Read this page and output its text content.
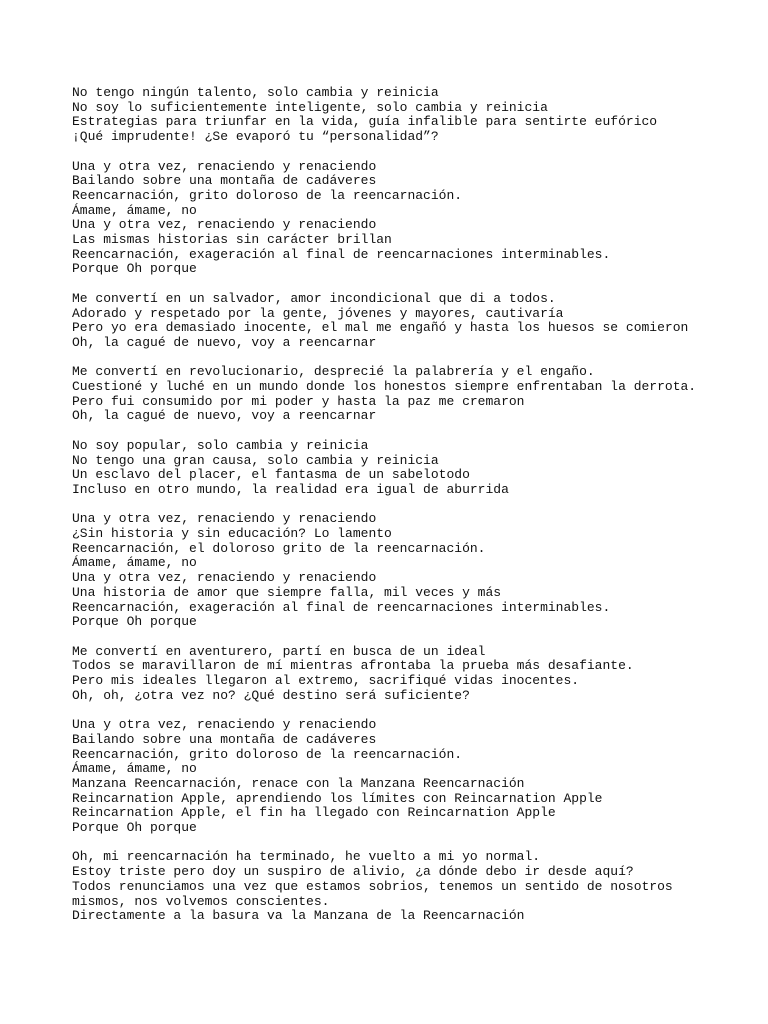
No tengo ningún talento, solo cambia y reinicia
No soy lo suficientemente inteligente, solo cambia y reinicia
Estrategias para triunfar en la vida, guía infalible para sentirte eufórico
¡Qué imprudente! ¿Se evaporó tu “personalidad”?
Una y otra vez, renaciendo y renaciendo
Bailando sobre una montaña de cadáveres
Reencarnación, grito doloroso de la reencarnación.
Ámame, ámame, no
Una y otra vez, renaciendo y renaciendo
Las mismas historias sin carácter brillan
Reencarnación, exageración al final de reencarnaciones interminables.
Porque Oh porque
Me convertí en un salvador, amor incondicional que di a todos.
Adorado y respetado por la gente, jóvenes y mayores, cautivaría
Pero yo era demasiado inocente, el mal me engañó y hasta los huesos se comieron
Oh, la cagué de nuevo, voy a reencarnar
Me convertí en revolucionario, desprecié la palabrería y el engaño.
Cuestioné y luché en un mundo donde los honestos siempre enfrentaban la derrota.
Pero fui consumido por mi poder y hasta la paz me cremaron
Oh, la cagué de nuevo, voy a reencarnar
No soy popular, solo cambia y reinicia
No tengo una gran causa, solo cambia y reinicia
Un esclavo del placer, el fantasma de un sabelotodo
Incluso en otro mundo, la realidad era igual de aburrida
Una y otra vez, renaciendo y renaciendo
¿Sin historia y sin educación? Lo lamento
Reencarnación, el doloroso grito de la reencarnación.
Ámame, ámame, no
Una y otra vez, renaciendo y renaciendo
Una historia de amor que siempre falla, mil veces y más
Reencarnación, exageración al final de reencarnaciones interminables.
Porque Oh porque
Me convertí en aventurero, partí en busca de un ideal
Todos se maravillaron de mí mientras afrontaba la prueba más desafiante.
Pero mis ideales llegaron al extremo, sacrifiqué vidas inocentes.
Oh, oh, ¿otra vez no? ¿Qué destino será suficiente?
Una y otra vez, renaciendo y renaciendo
Bailando sobre una montaña de cadáveres
Reencarnación, grito doloroso de la reencarnación.
Ámame, ámame, no
Manzana Reencarnación, renace con la Manzana Reencarnación
Reincarnation Apple, aprendiendo los límites con Reincarnation Apple
Reincarnation Apple, el fin ha llegado con Reincarnation Apple
Porque Oh porque
Oh, mi reencarnación ha terminado, he vuelto a mi yo normal.
Estoy triste pero doy un suspiro de alivio, ¿a dónde debo ir desde aquí?
Todos renunciamos una vez que estamos sobrios, tenemos un sentido de nosotros
mismos, nos volvemos conscientes.
Directamente a la basura va la Manzana de la Reencarnación
